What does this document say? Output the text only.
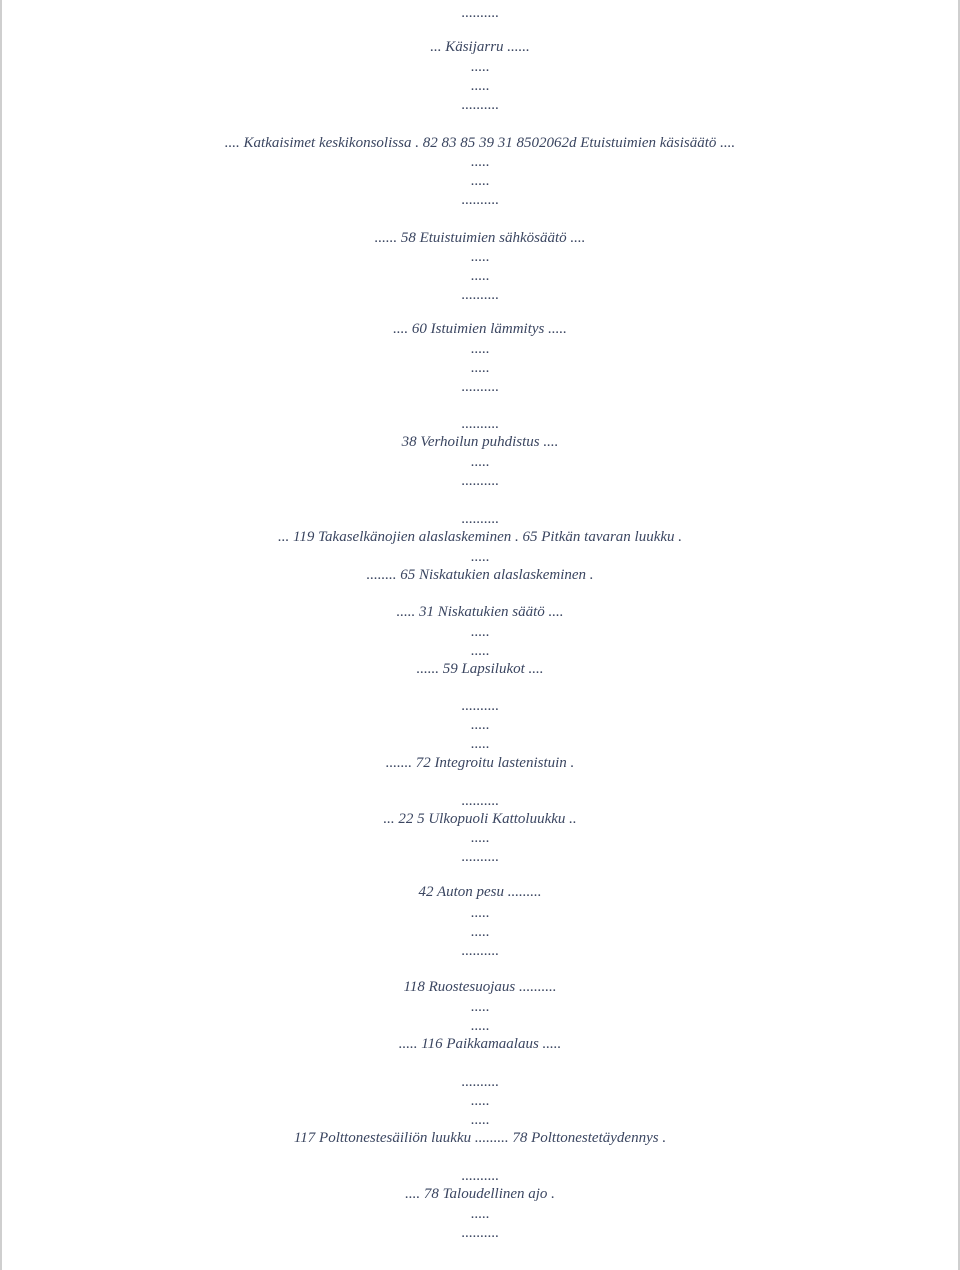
..........
... Käsijarru ......
.....
.....
..........
.... Katkaisimet keskikonsolissa . 82 83 85 39 31 8502062d Etuistuimien käsisäätö ....
.....
.....
..........
...... 58 Etuistuimien sähkösäätö ....
.....
.....
..........
.... 60 Istuimien lämmitys .....
.....
.....
..........
..........
38 Verhoilun puhdistus ....
.....
..........
..........
... 119 Takaselkänojien alaslaskeminen . 65 Pitkän tavaran luukku .
.....
........ 65 Niskatukien alaslaskeminen .
..... 31 Niskatukien säätö ....
.....
.....
...... 59 Lapsilukot ....
..........
.....
.....
....... 72 Integroitu lastenistuin .
..........
... 22 5 Ulkopuoli Kattoluukku ..
.....
..........
42 Auton pesu .........
.....
.....
..........
118 Ruostesuojaus ..........
.....
.....
..... 116 Paikkamaalaus .....
..........
.....
.....
117 Polttonestesäiliön luukku ......... 78 Polttonestetäydennys .
..........
.... 78 Taloudellinen ajo .
.....
..........
